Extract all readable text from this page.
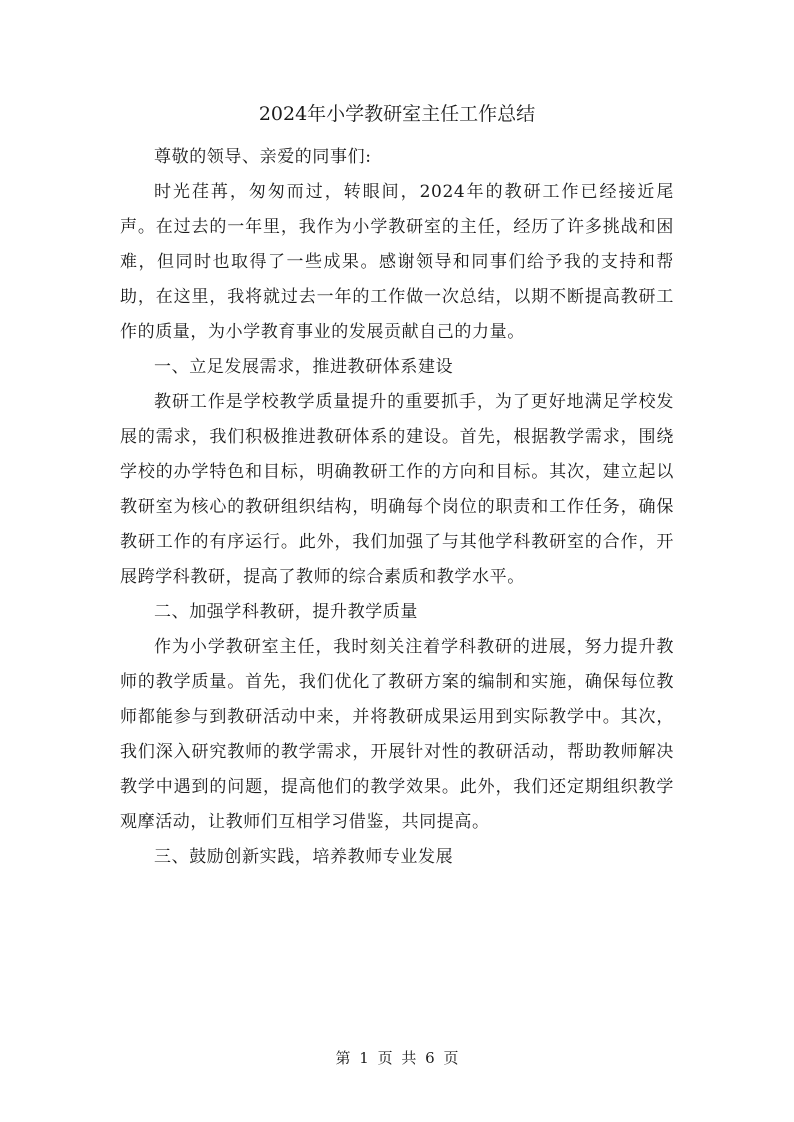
2024年小学教研室主任工作总结

尊敬的领导、亲爱的同事们:

时光荏苒，匆匆而过，转眼间，2024年的教研工作已经接近尾声。在过去的一年里，我作为小学教研室的主任，经历了许多挑战和困难，但同时也取得了一些成果。感谢领导和同事们给予我的支持和帮助，在这里，我将就过去一年的工作做一次总结，以期不断提高教研工作的质量，为小学教育事业的发展贡献自己的力量。

一、立足发展需求，推进教研体系建设

教研工作是学校教学质量提升的重要抓手，为了更好地满足学校发展的需求，我们积极推进教研体系的建设。首先，根据教学需求，围绕学校的办学特色和目标，明确教研工作的方向和目标。其次，建立起以教研室为核心的教研组织结构，明确每个岗位的职责和工作任务，确保教研工作的有序运行。此外，我们加强了与其他学科教研室的合作，开展跨学科教研，提高了教师的综合素质和教学水平。

二、加强学科教研，提升教学质量

作为小学教研室主任，我时刻关注着学科教研的进展，努力提升教师的教学质量。首先，我们优化了教研方案的编制和实施，确保每位教师都能参与到教研活动中来，并将教研成果运用到实际教学中。其次，我们深入研究教师的教学需求，开展针对性的教研活动，帮助教师解决教学中遇到的问题，提高他们的教学效果。此外，我们还定期组织教学观摩活动，让教师们互相学习借鉴，共同提高。

三、鼓励创新实践，培养教师专业发展

第 1 页 共 6 页
